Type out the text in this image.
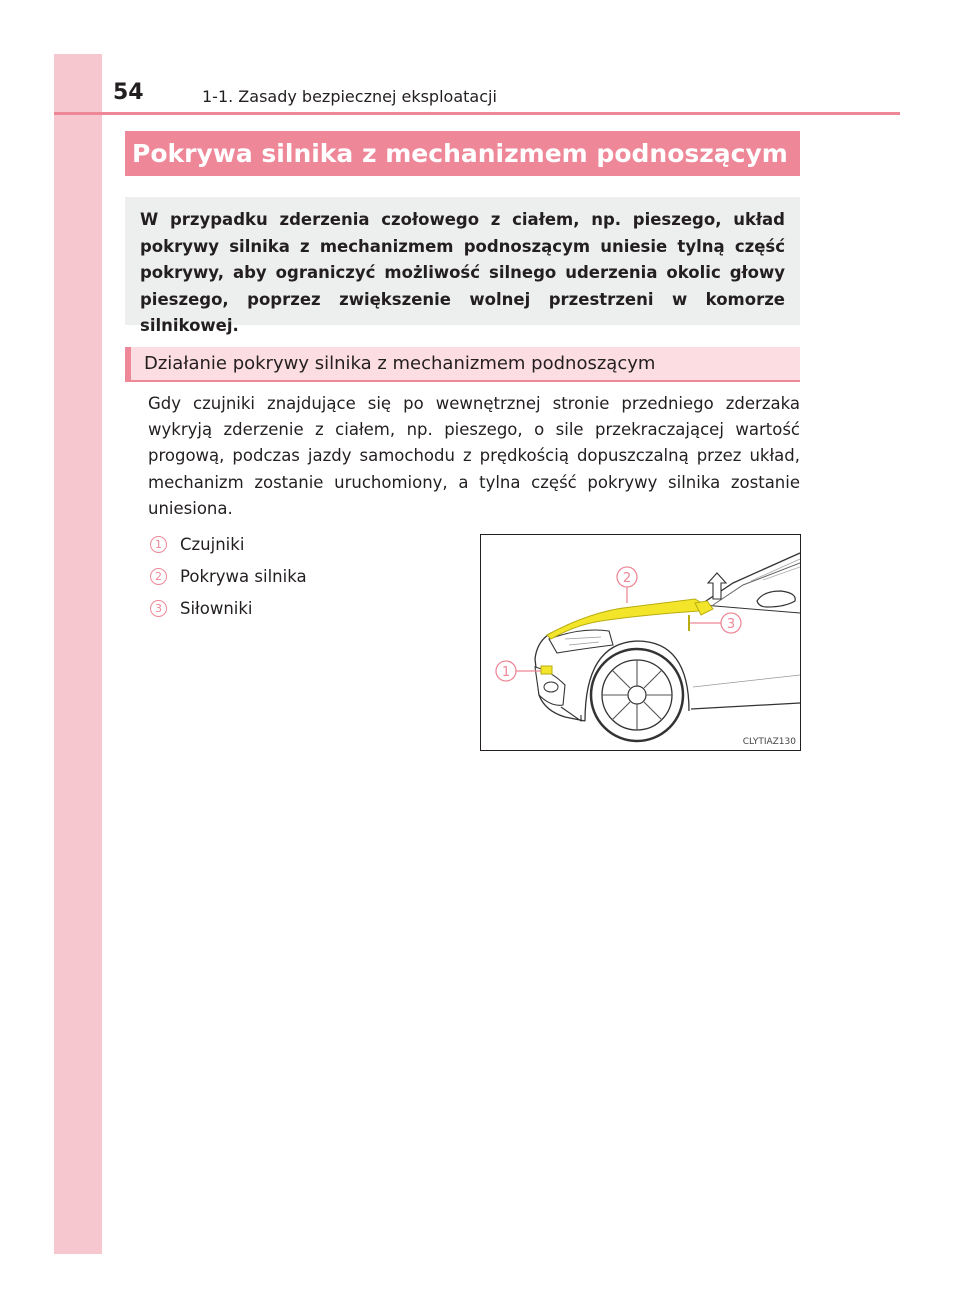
54	1-1. Zasady bezpiecznej eksploatacji
Pokrywa silnika z mechanizmem podnoszącym

W przypadku zderzenia czołowego z ciałem, np. pieszego, układ pokrywy silnika z mechanizmem podnoszącym uniesie tylną część pokrywy, aby ograniczyć możliwość silnego uderzenia okolic głowy pieszego, poprzez zwiększenie wolnej przestrzeni w komorze silnikowej.

Działanie pokrywy silnika z mechanizmem podnoszącym

Gdy czujniki znajdujące się po wewnętrznej stronie przedniego zderzaka wykryją zderzenie z ciałem, np. pieszego, o sile przekraczającej wartość progową, podczas jazdy samochodu z prędkością dopuszczalną przez układ, mechanizm zostanie uruchomiony, a tylna część pokrywy silnika zostanie uniesiona.

1	Czujniki
2	Pokrywa silnika
3	Siłowniki
1
2
3
CLYTIAZ130
